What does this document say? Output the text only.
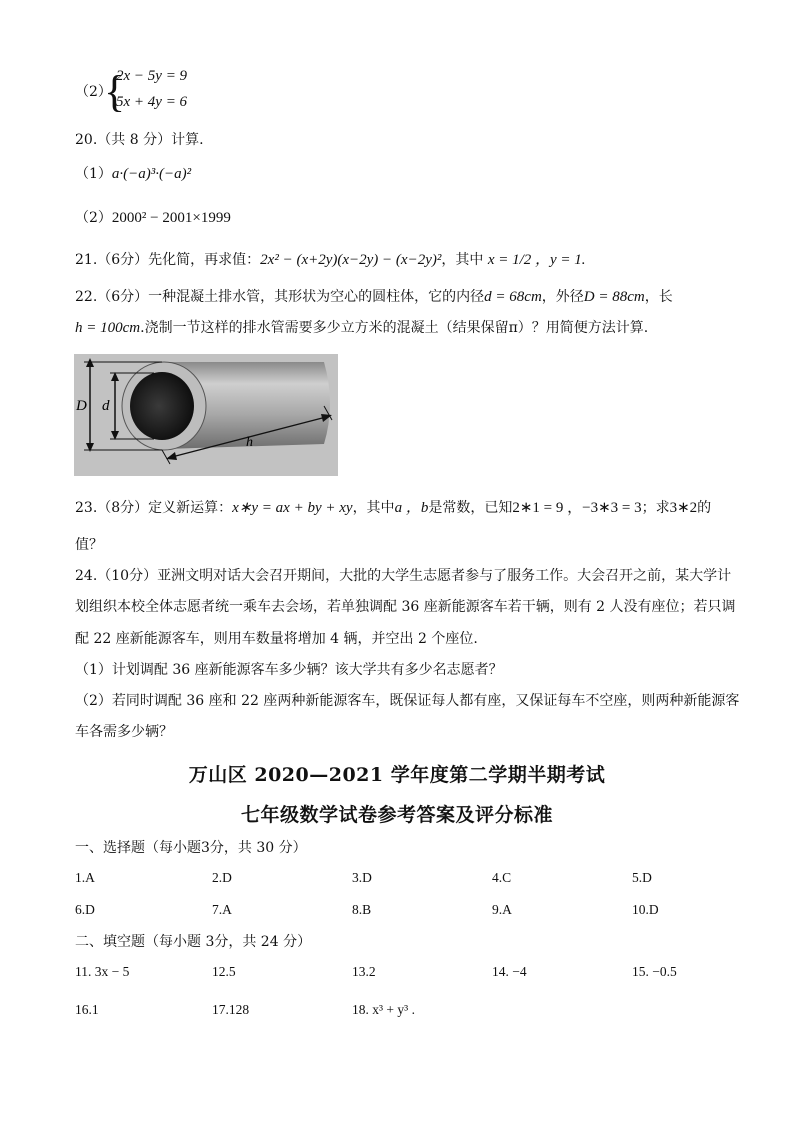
（2）
{
2x − 5y = 9
5x + 4y = 6
20.（共 8 分）计算.
（1）a·(−a)³·(−a)²
（2）2000² − 2001×1999
21.（6分）先化简，再求值：2x² − (x+2y)(x−2y) − (x−2y)²，其中 x = 1/2 ，y = 1.
22.（6分）一种混凝土排水管，其形状为空心的圆柱体，它的内径d = 68cm，外径D = 88cm，长
h = 100cm.浇制一节这样的排水管需要多少立方米的混凝土（结果保留π）？用简便方法计算.
D d
h
23.（8分）定义新运算：x∗y = ax + by + xy，其中a ，b是常数，已知2∗1 = 9 ，−3∗3 = 3；求3∗2的
值？
24.（10分）亚洲文明对话大会召开期间，大批的大学生志愿者参与了服务工作。大会召开之前，某大学计
划组织本校全体志愿者统一乘车去会场，若单独调配 36 座新能源客车若干辆，则有 2 人没有座位；若只调
配 22 座新能源客车，则用车数量将增加 4 辆，并空出 2 个座位.
（1）计划调配 36 座新能源客车多少辆？该大学共有多少名志愿者？
（2）若同时调配 36 座和 22 座两种新能源客车，既保证每人都有座，又保证每车不空座，则两种新能源客
车各需多少辆？
万山区 2020—2021 学年度第二学期半期考试
七年级数学试卷参考答案及评分标准
一、选择题（每小题3分，共 30 分）
1.A	2.D	3.D	4.C	5.D
6.D	7.A	8.B	9.A	10.D
二、填空题（每小题 3分，共 24 分）
11. 3x − 5	12.5	13.2	14. −4	15. −0.5
16.1	17.128	18. x³ + y³ .
